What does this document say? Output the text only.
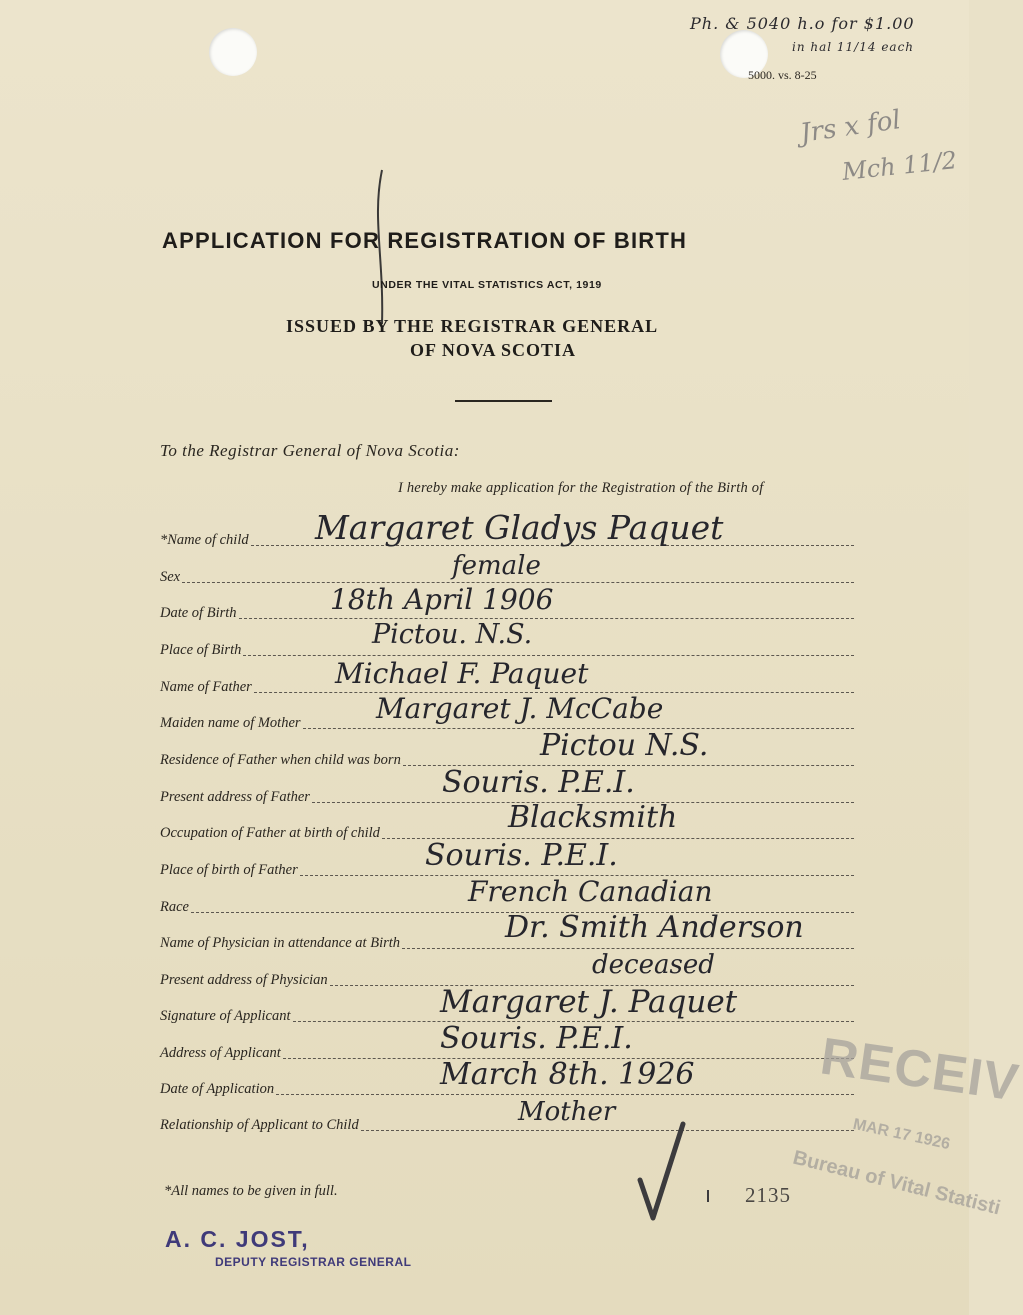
Ph. & 5040 h.o for $1.00
in hal 11/14 each
5000. vs. 8-25
Jrs x fol
Mch 11/2
APPLICATION FOR REGISTRATION OF BIRTH
UNDER THE VITAL STATISTICS ACT, 1919
ISSUED BY THE REGISTRAR GENERAL
OF NOVA SCOTIA
To the Registrar General of Nova Scotia:
I hereby make application for the Registration of the Birth of
*Name of child Margaret Gladys Paquet
Sex	female
Date of Birth	18th April 1906
Place of Birth	Pictou. N.S.
Name of Father	Michael F. Paquet
Maiden name of Mother	Margaret J. McCabe
Residence of Father when child was born	Pictou N.S.
Present address of Father	Souris. P.E.I.
Occupation of Father at birth of child	Blacksmith
Place of birth of Father	Souris. P.E.I.
Race	French Canadian
Name of Physician in attendance at Birth	Dr. Smith Anderson
Present address of Physician	deceased
Signature of Applicant	Margaret J. Paquet
Address of Applicant	Souris. P.E.I.
Date of Application	March 8th. 1926
Relationship of Applicant to Child	Mother	RECEIV
MAR 17 1926
Bureau of Vital Statisti
2135
*All names to be given in full.
A. C. JOST,
DEPUTY REGISTRAR GENERAL
